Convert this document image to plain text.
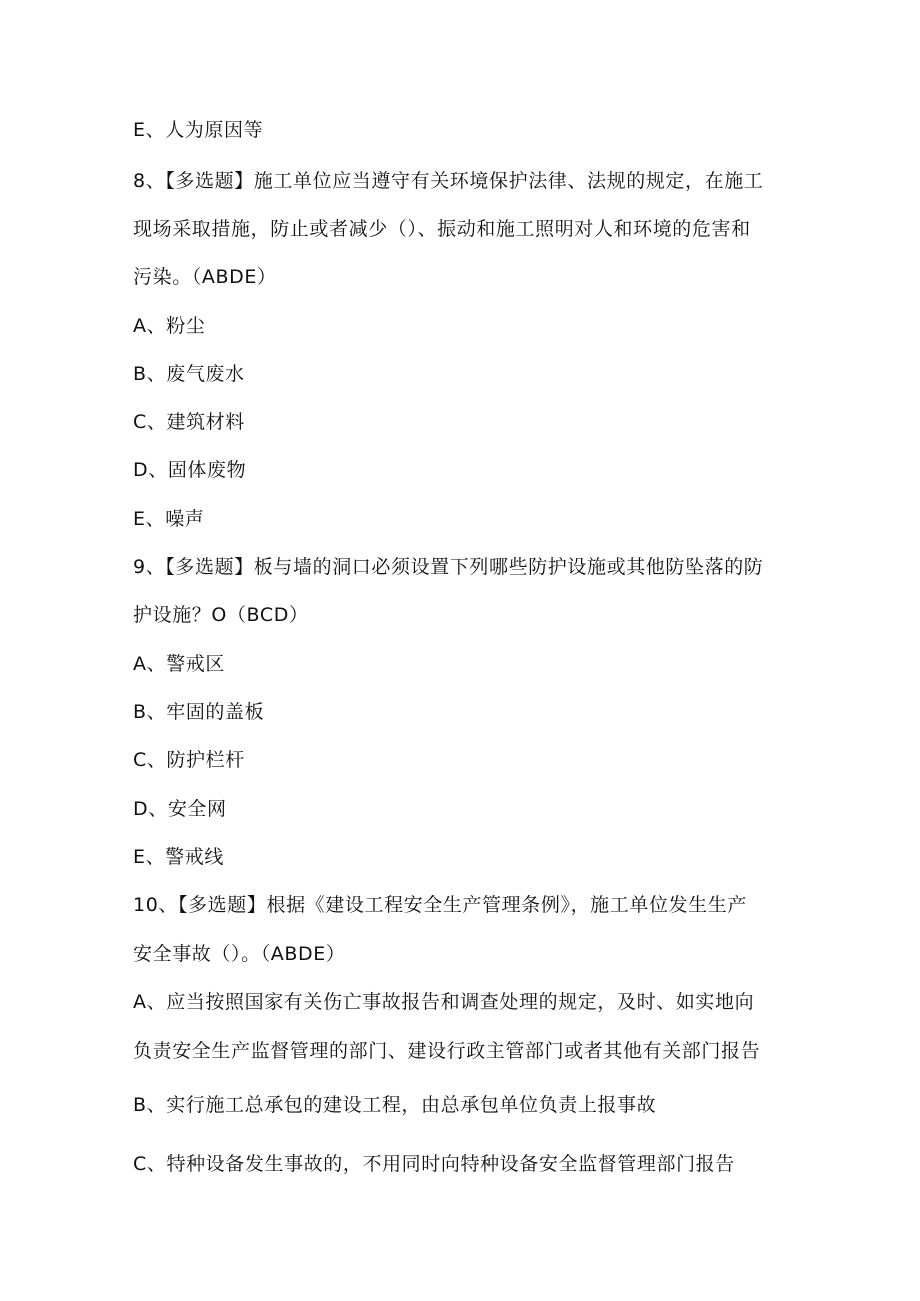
E、人为原因等
8、【多选题】施工单位应当遵守有关环境保护法律、法规的规定，在施工
现场采取措施，防止或者减少（）、振动和施工照明对人和环境的危害和
污染。（ABDE）
A、粉尘
B、废气废水
C、建筑材料
D、固体废物
E、噪声
9、【多选题】板与墙的洞口必须设置下列哪些防护设施或其他防坠落的防
护设施？O（BCD）
A、警戒区
B、牢固的盖板
C、防护栏杆
D、安全网
E、警戒线
10、【多选题】根据《建设工程安全生产管理条例》，施工单位发生生产
安全事故（）。（ABDE）
A、应当按照国家有关伤亡事故报告和调查处理的规定，及时、如实地向
负责安全生产监督管理的部门、建设行政主管部门或者其他有关部门报告
B、实行施工总承包的建设工程，由总承包单位负责上报事故
C、特种设备发生事故的，不用同时向特种设备安全监督管理部门报告
